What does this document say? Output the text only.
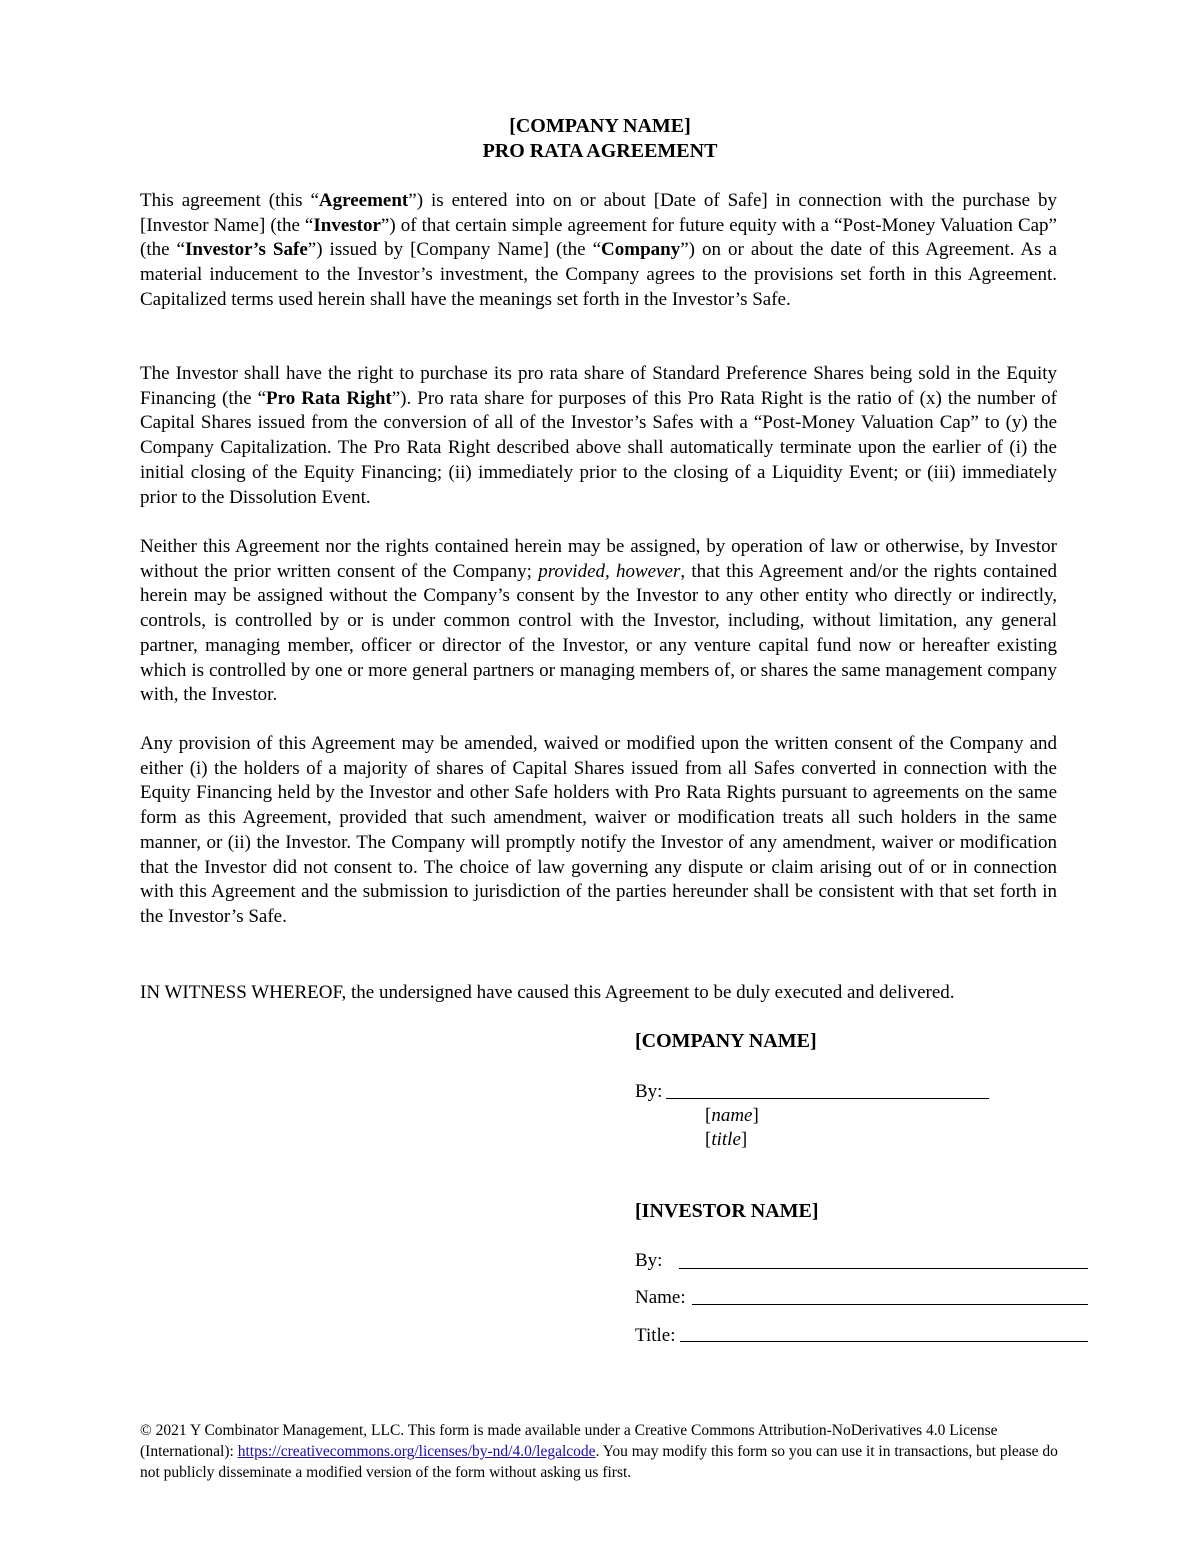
[COMPANY NAME]
PRO RATA AGREEMENT

This agreement (this “Agreement”) is entered into on or about [Date of Safe] in connection with the purchase by [Investor Name] (the “Investor”) of that certain simple agreement for future equity with a “Post-Money Valuation Cap” (the “Investor’s Safe”) issued by [Company Name] (the “Company”) on or about the date of this Agreement. As a material inducement to the Investor’s investment, the Company agrees to the provisions set forth in this Agreement. Capitalized terms used herein shall have the meanings set forth in the Investor’s Safe.

The Investor shall have the right to purchase its pro rata share of Standard Preference Shares being sold in the Equity Financing (the “Pro Rata Right”). Pro rata share for purposes of this Pro Rata Right is the ratio of (x) the number of Capital Shares issued from the conversion of all of the Investor’s Safes with a “Post-Money Valuation Cap” to (y) the Company Capitalization. The Pro Rata Right described above shall automatically terminate upon the earlier of (i) the initial closing of the Equity Financing; (ii) immediately prior to the closing of a Liquidity Event; or (iii) immediately prior to the Dissolution Event.

Neither this Agreement nor the rights contained herein may be assigned, by operation of law or otherwise, by Investor without the prior written consent of the Company; provided, however, that this Agreement and/or the rights contained herein may be assigned without the Company’s consent by the Investor to any other entity who directly or indirectly, controls, is controlled by or is under common control with the Investor, including, without limitation, any general partner, managing member, officer or director of the Investor, or any venture capital fund now or hereafter existing which is controlled by one or more general partners or managing members of, or shares the same management company with, the Investor.

Any provision of this Agreement may be amended, waived or modified upon the written consent of the Company and either (i) the holders of a majority of shares of Capital Shares issued from all Safes converted in connection with the Equity Financing held by the Investor and other Safe holders with Pro Rata Rights pursuant to agreements on the same form as this Agreement, provided that such amendment, waiver or modification treats all such holders in the same manner, or (ii) the Investor. The Company will promptly notify the Investor of any amendment, waiver or modification that the Investor did not consent to. The choice of law governing any dispute or claim arising out of or in connection with this Agreement and the submission to jurisdiction of the parties hereunder shall be consistent with that set forth in the Investor’s Safe.

IN WITNESS WHEREOF, the undersigned have caused this Agreement to be duly executed and delivered.

[COMPANY NAME]
By:
[name]
[title]
[INVESTOR NAME]
By:
Name:
Title:
© 2021 Y Combinator Management, LLC. This form is made available under a Creative Commons Attribution-NoDerivatives 4.0 License (International): https://creativecommons.org/licenses/by-nd/4.0/legalcode. You may modify this form so you can use it in transactions, but please do not publicly disseminate a modified version of the form without asking us first.
